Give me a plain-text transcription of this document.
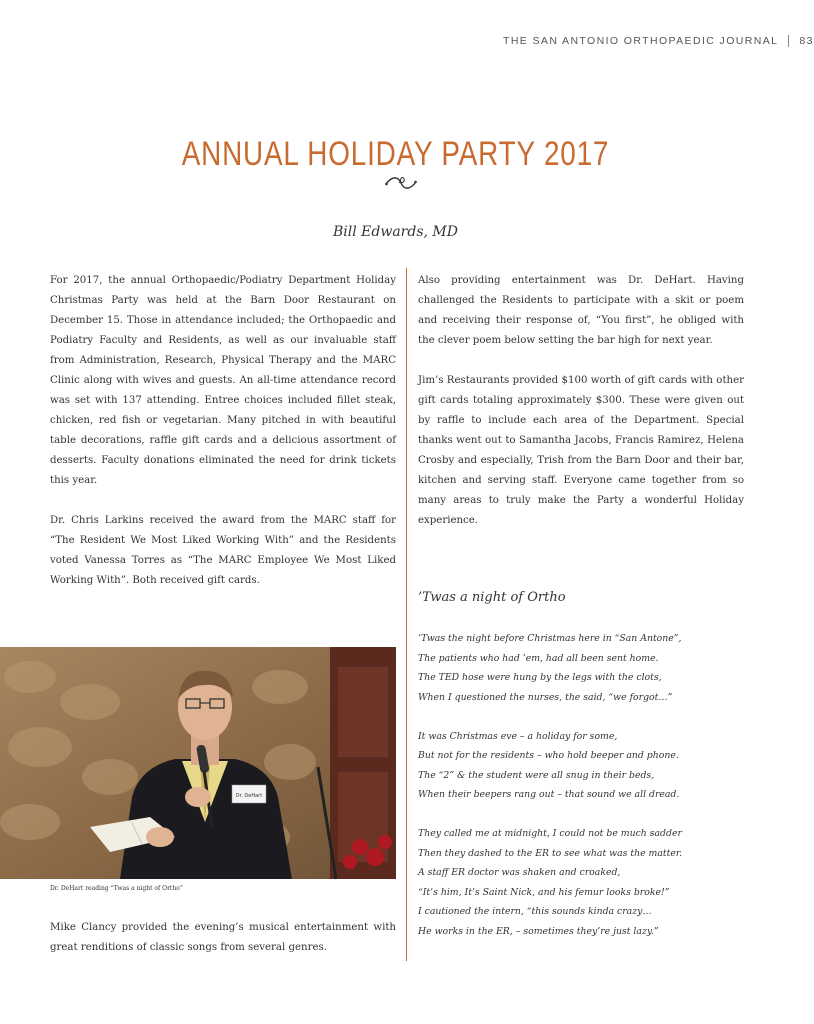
THE SAN ANTONIO ORTHOPAEDIC JOURNAL 83
ANNUAL HOLIDAY PARTY 2017
Bill Edwards, MD

For 2017, the annual Orthopaedic/Podiatry Department Holiday Christmas Party was held at the Barn Door Restaurant on December 15. Those in attendance included; the Orthopaedic and Podiatry Faculty and Residents, as well as our invaluable staff from Administration, Research, Physical Therapy and the MARC Clinic along with wives and guests. An all-time attendance record was set with 137 attending. Entree choices included fillet steak, chicken, red fish or vegetarian. Many pitched in with beautiful table decorations, raffle gift cards and a delicious assortment of desserts. Faculty donations eliminated the need for drink tickets this year.

Dr. Chris Larkins received the award from the MARC staff for “The Resident We Most Liked Working With” and the Residents voted Vanessa Torres as “The MARC Employee We Most Liked Working With”. Both received gift cards.

Dr. DeHart
Dr. DeHart reading “Twas a night of Ortho”
Mike Clancy provided the evening’s musical entertainment with great renditions of classic songs from several genres.

Also providing entertainment was Dr. DeHart. Having challenged the Residents to participate with a skit or poem and receiving their response of, “You first”, he obliged with the clever poem below setting the bar high for next year.

Jim’s Restaurants provided $100 worth of gift cards with other gift cards totaling approximately $300. These were given out by raffle to include each area of the Department. Special thanks went out to Samantha Jacobs, Francis Ramirez, Helena Crosby and especially, Trish from the Barn Door and their bar, kitchen and serving staff. Everyone came together from so many areas to truly make the Party a wonderful Holiday experience.

’Twas a night of Ortho
’Twas the night before Christmas here in “San Antone”,
The patients who had ’em, had all been sent home.
The TED hose were hung by the legs with the clots,
When I questioned the nurses, the said, “we forgot…”
It was Christmas eve – a holiday for some,
But not for the residents – who hold beeper and phone.
The “2” & the student were all snug in their beds,
When their beepers rang out – that sound we all dread.
They called me at midnight, I could not be much sadder
Then they dashed to the ER to see what was the matter.
A staff ER doctor was shaken and croaked,
“It’s him, It’s Saint Nick, and his femur looks broke!”
I cautioned the intern, “this sounds kinda crazy…
He works in the ER, – sometimes they’re just lazy.”
